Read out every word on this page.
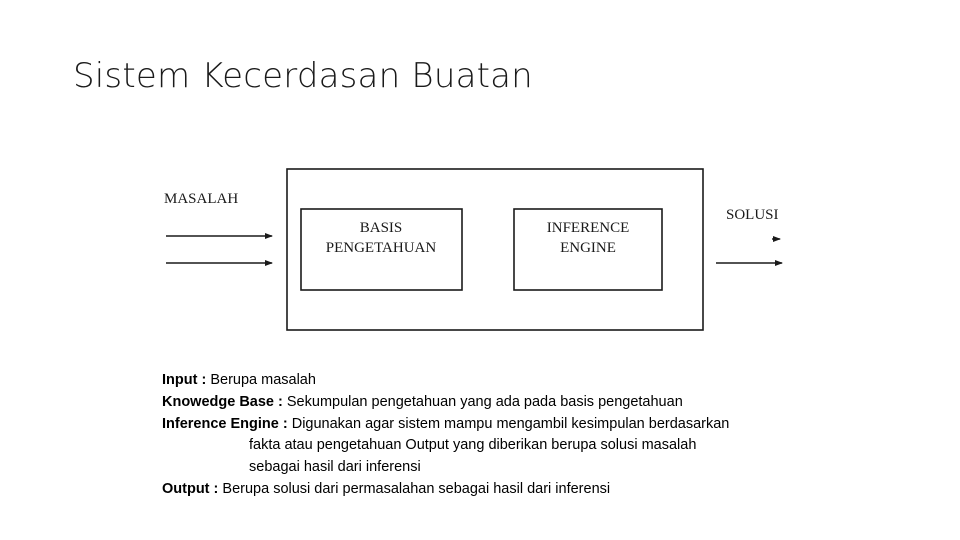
Sistem Kecerdasan Buatan
MASALAH
BASIS
PENGETAHUAN
INFERENCE
ENGINE
SOLUSI
Input : Berupa masalah
Knowedge Base : Sekumpulan pengetahuan yang ada pada basis pengetahuan
Inference Engine : Digunakan agar sistem mampu mengambil kesimpulan berdasarkan
fakta atau pengetahuan Output yang diberikan berupa solusi masalah
sebagai hasil dari inferensi
Output : Berupa solusi dari permasalahan sebagai hasil dari inferensi
